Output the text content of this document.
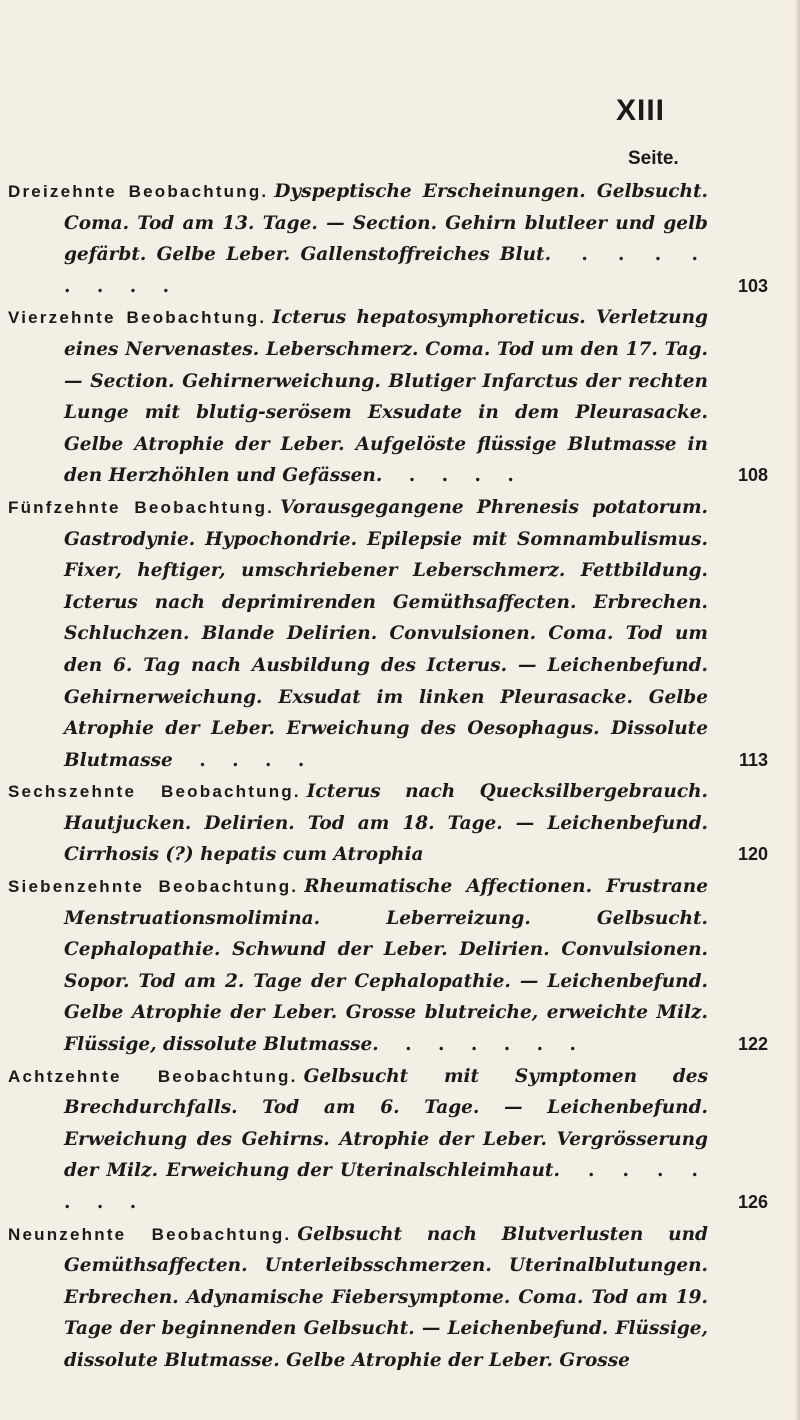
XIII
Seite.

Dreizehnte Beobachtung. Dyspeptische Erscheinungen. Gelbsucht. Coma. Tod am 13. Tage. — Section. Gehirn blutleer und gelb gefärbt. Gelbe Leber. Gallenstoffreiches Blut. . . . . . . . .	103

Vierzehnte Beobachtung. Icterus hepatosymphoreticus. Verletzung eines Nervenastes. Leberschmerz. Coma. Tod um den 17. Tag. — Section. Gehirnerweichung. Blutiger Infarctus der rechten Lunge mit blutig-serösem Exsudate in dem Pleurasacke. Gelbe Atrophie der Leber. Aufgelöste flüssige Blutmasse in den Herzhöhlen und Gefässen. . . . .	108

Fünfzehnte Beobachtung. Vorausgegangene Phrenesis potatorum. Gastrodynie. Hypochondrie. Epilepsie mit Somnambulismus. Fixer, heftiger, umschriebener Leberschmerz. Fettbildung. Icterus nach deprimirenden Gemüthsaffecten. Erbrechen. Schluchzen. Blande Delirien. Convulsionen. Coma. Tod um den 6. Tag nach Ausbildung des Icterus. — Leichenbefund. Gehirnerweichung. Exsudat im linken Pleurasacke. Gelbe Atrophie der Leber. Erweichung des Oesophagus. Dissolute Blutmasse . . . .	113

Sechszehnte Beobachtung. Icterus nach Quecksilbergebrauch. Hautjucken. Delirien. Tod am 18. Tage. — Leichenbefund. Cirrhosis (?) hepatis cum Atrophia	120

Siebenzehnte Beobachtung. Rheumatische Affectionen. Frustrane Menstruationsmolimina. Leberreizung. Gelbsucht. Cephalopathie. Schwund der Leber. Delirien. Convulsionen. Sopor. Tod am 2. Tage der Cephalopathie. — Leichenbefund. Gelbe Atrophie der Leber. Grosse blutreiche, erweichte Milz. Flüssige, dissolute Blutmasse. . . . . . .	122

Achtzehnte Beobachtung. Gelbsucht mit Symptomen des Brechdurchfalls. Tod am 6. Tage. — Leichenbefund. Erweichung des Gehirns. Atrophie der Leber. Vergrösserung der Milz. Erweichung der Uterinalschleimhaut. . . . . . . .	126

Neunzehnte Beobachtung. Gelbsucht nach Blutverlusten und Gemüthsaffecten. Unterleibsschmerzen. Uterinalblutungen. Erbrechen. Adynamische Fiebersymptome. Coma. Tod am 19. Tage der beginnenden Gelbsucht. — Leichenbefund. Flüssige, dissolute Blutmasse. Gelbe Atrophie der Leber. Grosse
